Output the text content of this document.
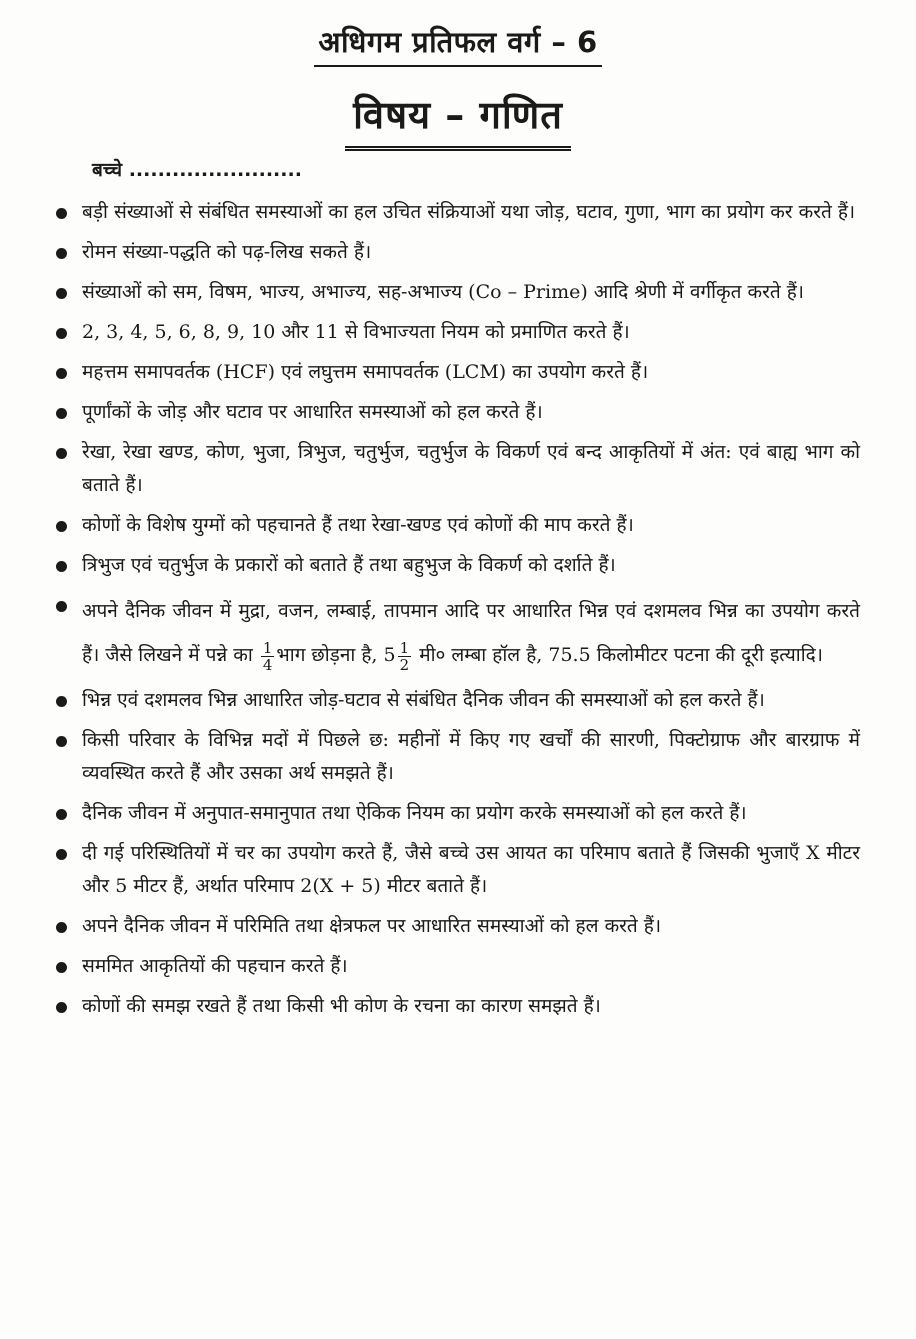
अधिगम प्रतिफल वर्ग – 6
विषय – गणित
बच्चे ........................
बड़ी संख्याओं से संबंधित समस्याओं का हल उचित संक्रियाओं यथा जोड़, घटाव, गुणा, भाग का प्रयोग कर करते हैं।
रोमन संख्या-पद्धति को पढ़-लिख सकते हैं।
संख्याओं को सम, विषम, भाज्य, अभाज्य, सह-अभाज्य (Co – Prime) आदि श्रेणी में वर्गीकृत करते हैं।
2, 3, 4, 5, 6, 8, 9, 10 और 11 से विभाज्यता नियम को प्रमाणित करते हैं।
महत्तम समापवर्तक (HCF) एवं लघुत्तम समापवर्तक (LCM) का उपयोग करते हैं।
पूर्णांकों के जोड़ और घटाव पर आधारित समस्याओं को हल करते हैं।
रेखा, रेखा खण्ड, कोण, भुजा, त्रिभुज, चतुर्भुज, चतुर्भुज के विकर्ण एवं बन्द आकृतियों में अंत: एवं बाह्य भाग को बताते हैं।
कोणों के विशेष युग्मों को पहचानते हैं तथा रेखा-खण्ड एवं कोणों की माप करते हैं।
त्रिभुज एवं चतुर्भुज के प्रकारों को बताते हैं तथा बहुभुज के विकर्ण को दर्शाते हैं।
अपने दैनिक जीवन में मुद्रा, वजन, लम्बाई, तापमान आदि पर आधारित भिन्न एवं दशमलव भिन्न का उपयोग करते हैं। जैसे लिखने में पन्ने का $\frac{1}{4}$ भाग छोड़ना है, $5 \frac{1}{2}$ मी० लम्बा हॉल है, 75.5 किलोमीटर पटना की दूरी इत्यादि।
भिन्न एवं दशमलव भिन्न आधारित जोड़-घटाव से संबंधित दैनिक जीवन की समस्याओं को हल करते हैं।
किसी परिवार के विभिन्न मदों में पिछले छ: महीनों में किए गए खर्चों की सारणी, पिक्टोग्राफ और बारग्राफ में व्यवस्थित करते हैं और उसका अर्थ समझते हैं।
दैनिक जीवन में अनुपात-समानुपात तथा ऐकिक नियम का प्रयोग करके समस्याओं को हल करते हैं।
दी गई परिस्थितियों में चर का उपयोग करते हैं, जैसे बच्चे उस आयत का परिमाप बताते हैं जिसकी भुजाएँ X मीटर और 5 मीटर हैं, अर्थात परिमाप 2(X + 5) मीटर बताते हैं।
अपने दैनिक जीवन में परिमिति तथा क्षेत्रफल पर आधारित समस्याओं को हल करते हैं।
सममित आकृतियों की पहचान करते हैं।
कोणों की समझ रखते हैं तथा किसी भी कोण के रचना का कारण समझते हैं।
